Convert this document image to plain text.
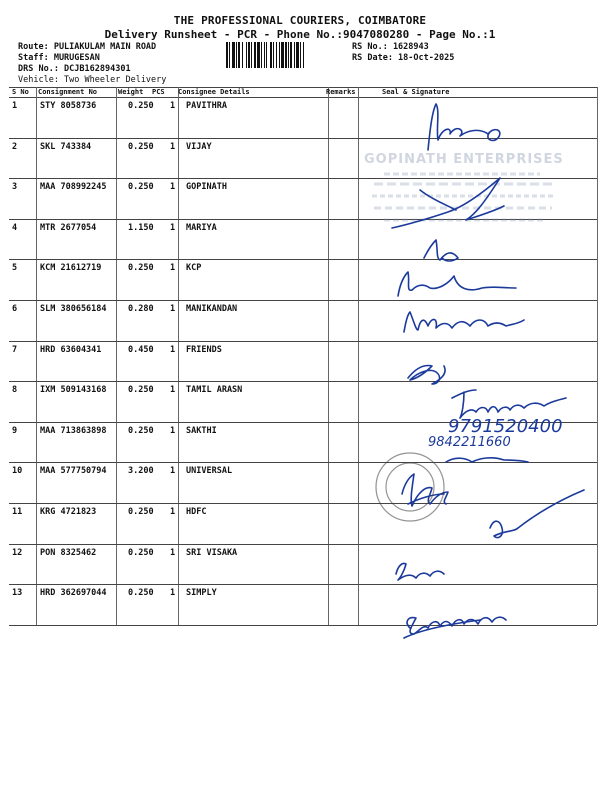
THE PROFESSIONAL COURIERS, COIMBATORE
Delivery Runsheet - PCR - Phone No.:9047080280 - Page No.:1
Route: PULIAKULAM MAIN ROAD
Staff: MURUGESAN
DRS No.: DCJB162894301
Vehicle: Two Wheeler Delivery
RS No.: 1628943
RS Date: 18-Oct-2025
S No Consignment No	Weight PCS Consignee Details	Remarks	Seal & Signature
1	STY 8058736	0.250 1 PAVITHRA
2	SKL 743384	0.250 1 VIJAY
3	MAA 708992245	0.250 1 GOPINATH
4	MTR 2677054	1.150 1 MARIYA
5	KCM 21612719	0.250 1 KCP
6	SLM 380656184	0.280 1 MANIKANDAN
7	HRD 63604341	0.450 1 FRIENDS
8	IXM 509143168	0.250 1 TAMIL ARASN
9	MAA 713863898	0.250 1 SAKTHI
10 MAA 577750794	3.200 1 UNIVERSAL
11 KRG 4721823	0.250 1 HDFC
12 PON 8325462	0.250 1 SRI VISAKA
13 HRD 362697044	0.250 1 SIMPLY
GOPINATH ENTERPRISES
9791520400
9842211660
